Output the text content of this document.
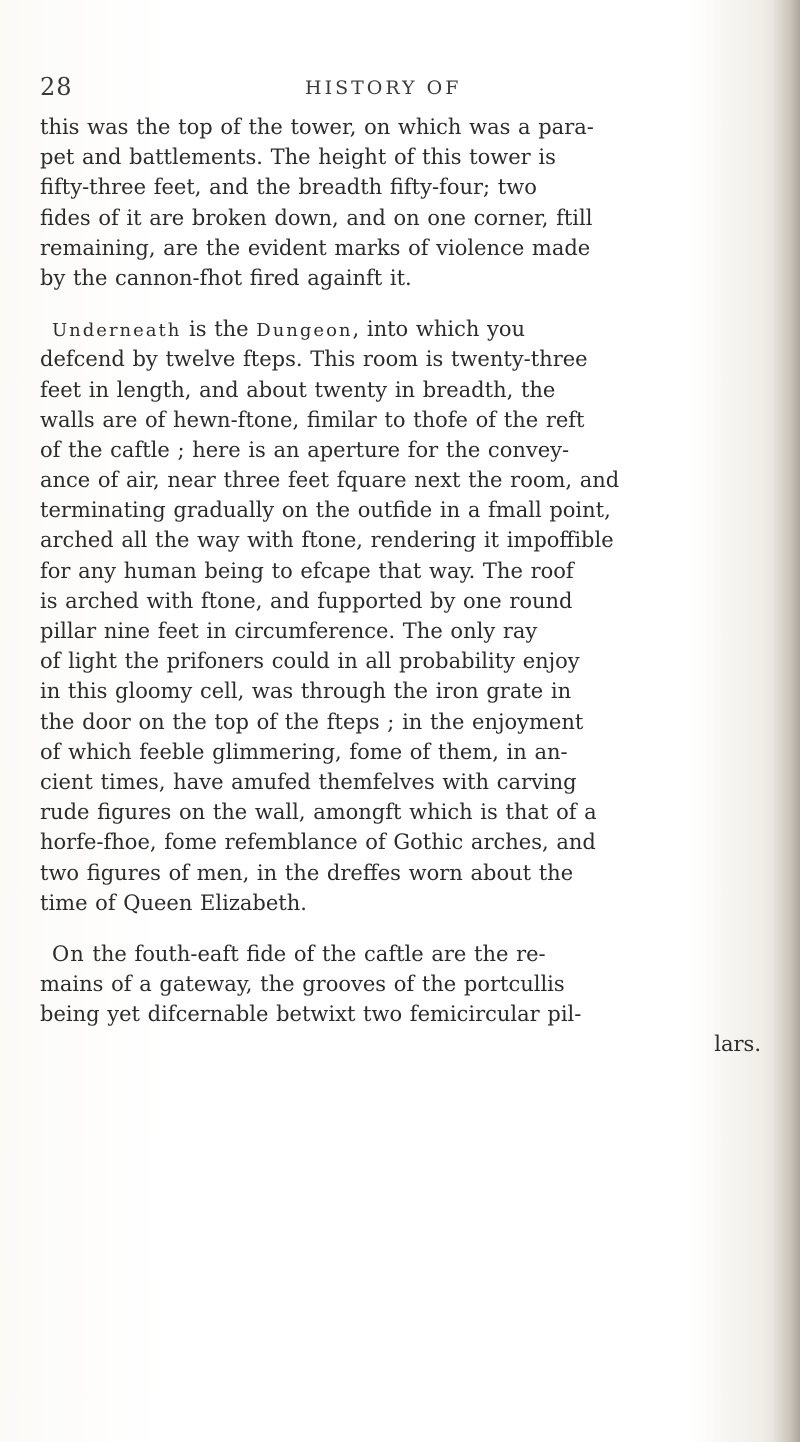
28	HISTORY OF
this was the top of the tower, on which was a para-
pet and battlements. The height of this tower is
fifty-three feet, and the breadth fifty-four; two
fides of it are broken down, and on one corner, ftill
remaining, are the evident marks of violence made
by the cannon-fhot fired againft it.
Underneath is the Dungeon, into which you
defcend by twelve fteps. This room is twenty-three
feet in length, and about twenty in breadth, the
walls are of hewn-ftone, fimilar to thofe of the reft
of the caftle ; here is an aperture for the convey-
ance of air, near three feet fquare next the room, and
terminating gradually on the outfide in a fmall point,
arched all the way with ftone, rendering it impoffible
for any human being to efcape that way. The roof
is arched with ftone, and fupported by one round
pillar nine feet in circumference. The only ray
of light the prifoners could in all probability enjoy
in this gloomy cell, was through the iron grate in
the door on the top of the fteps ; in the enjoyment
of which feeble glimmering, fome of them, in an-
cient times, have amufed themfelves with carving
rude figures on the wall, amongft which is that of a
horfe-fhoe, fome refemblance of Gothic arches, and
two figures of men, in the dreffes worn about the
time of Queen Elizabeth.
On the fouth-eaft fide of the caftle are the re-
mains of a gateway, the grooves of the portcullis
being yet difcernable betwixt two femicircular pil-
lars.
